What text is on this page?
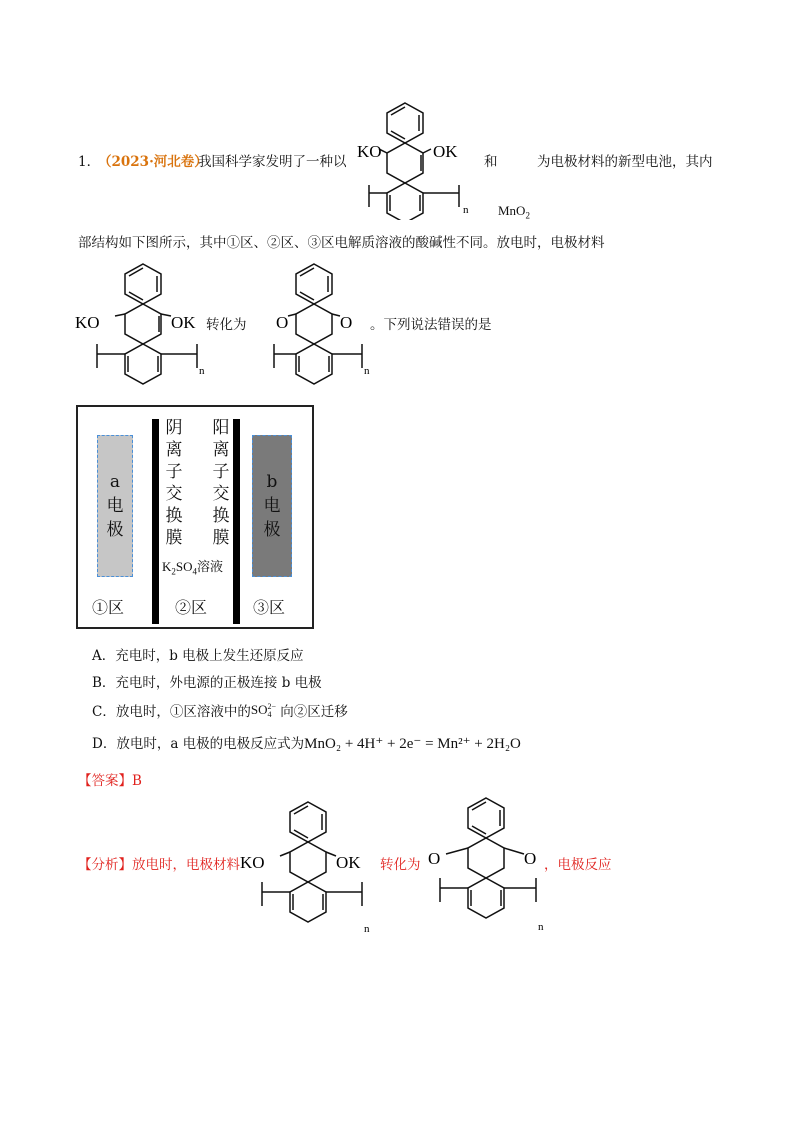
1．
（2023·河北卷）
我国科学家发明了一种以
KO	OK
n
和	为电极材料的新型电池，其内
MnO$_2$
部结构如下图所示，其中①区、②区、③区电解质溶液的酸碱性不同。放电时，电极材料
KO	OK
n
转化为 O	O
n
。下列说法错误的是
a电极
阴离子交换膜
阳离子交换膜
$K_2SO_4$溶液
b电极
①区	②区	③区
A．充电时，b 电极上发生还原反应
B．充电时，外电源的正极连接 b 电极
C．放电时，①区溶液中的SO 2−
4 向②区迁移
D．放电时，a 电极的电极反应式为MnO₂ + 4H⁺ + 2e⁻ = Mn²⁺ + 2H₂O
【答案】B
【分析】放电时，电极材料 KO	OK
n
转化为 O	O
n
，电极反应
